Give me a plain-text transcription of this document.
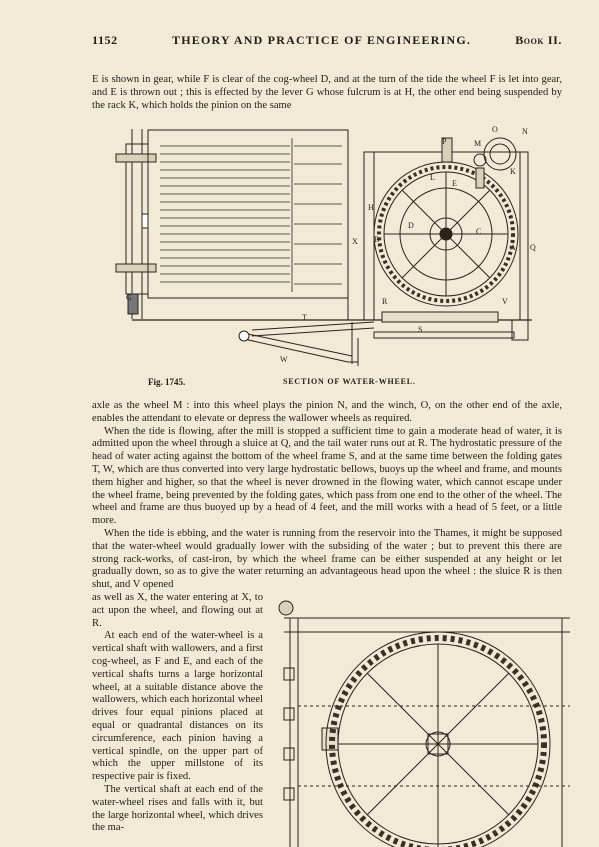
1152	THEORY AND PRACTICE OF ENGINEERING.	Book II.

E is shown in gear, while F is clear of the cog-wheel D, and at the turn of the tide the wheel F is let into gear, and E is thrown out ; this is effected by the lever G whose fulcrum is at H, the other end being suspended by the rack K, which holds the pinion on the same

O	N
M
K
P
H
L
E
D
C
X B
A Q
R	V
S
T
W
G
Fig. 1745.	SECTION OF WATER-WHEEL.

axle as the wheel M : into this wheel plays the pinion N, and the winch, O, on the other end of the axle, enables the attendant to elevate or depress the wallower wheels as required.

When the tide is flowing, after the mill is stopped a sufficient time to gain a moderate head of water, it is admitted upon the wheel through a sluice at Q, and the tail water runs out at R. The hydrostatic pressure of the head of water acting against the bottom of the wheel frame S, and at the same time between the folding gates T, W, which are thus converted into very large hydrostatic bellows, buoys up the wheel and frame, and mounts them higher and higher, so that the wheel is never drowned in the flowing water, which cannot escape under the wheel frame, being prevented by the folding gates, which pass from one end to the other of the wheel. The wheel and frame are thus buoyed up by a head of 4 feet, and the mill works with a head of 5 feet, or a little more.

When the tide is ebbing, and the water is running from the reservoir into the Thames, it might be supposed that the water-wheel would gradually lower with the subsiding of the water ; but to prevent this there are strong rack-works, of cast-iron, by which the wheel frame can be either suspended at any height or let gradually down, so as to give the water returning an advantageous head upon the wheel : the sluice R is then shut, and V opened

as well as X, the water entering at X, to act upon the wheel, and flowing out at R.

At each end of the water-wheel is a vertical shaft with wallowers, and a first cog-wheel, as F and E, and each of the vertical shafts turns a large horizontal wheel, at a suitable distance above the wallowers, which each horizontal wheel drives four equal pinions placed at equal or quadrantal distances on its circumference, each pinion having a vertical spindle, on the upper part of which the upper millstone of its respective pair is fixed.

The vertical shaft at each end of the water-wheel rises and falls with it, but the large horizontal wheel, which drives the ma-
